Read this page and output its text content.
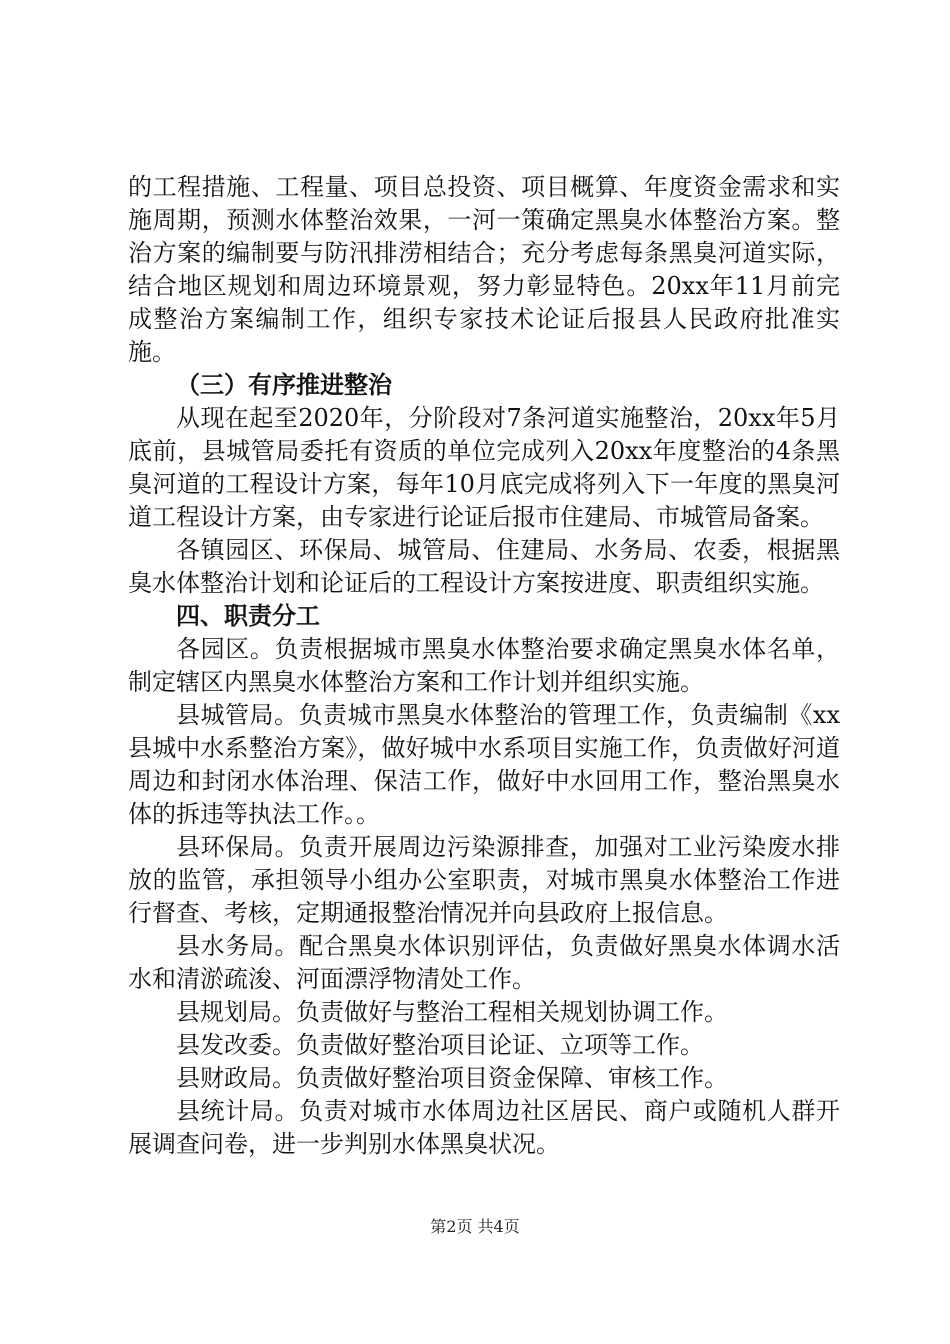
的工程措施、工程量、项目总投资、项目概算、年度资金需求和实施周期，预测水体整治效果，一河一策确定黑臭水体整治方案。整治方案的编制要与防汛排涝相结合；充分考虑每条黑臭河道实际，结合地区规划和周边环境景观，努力彰显特色。20xx年11月前完成整治方案编制工作，组织专家技术论证后报县人民政府批准实施。

（三）有序推进整治

从现在起至2020年，分阶段对7条河道实施整治，20xx年5月底前，县城管局委托有资质的单位完成列入20xx年度整治的4条黑臭河道的工程设计方案，每年10月底完成将列入下一年度的黑臭河道工程设计方案，由专家进行论证后报市住建局、市城管局备案。

各镇园区、环保局、城管局、住建局、水务局、农委，根据黑臭水体整治计划和论证后的工程设计方案按进度、职责组织实施。

四、职责分工

各园区。负责根据城市黑臭水体整治要求确定黑臭水体名单，制定辖区内黑臭水体整治方案和工作计划并组织实施。

县城管局。负责城市黑臭水体整治的管理工作，负责编制《xx县城中水系整治方案》，做好城中水系项目实施工作，负责做好河道周边和封闭水体治理、保洁工作，做好中水回用工作，整治黑臭水体的拆违等执法工作。。

县环保局。负责开展周边污染源排查，加强对工业污染废水排放的监管，承担领导小组办公室职责，对城市黑臭水体整治工作进行督查、考核，定期通报整治情况并向县政府上报信息。

县水务局。配合黑臭水体识别评估，负责做好黑臭水体调水活水和清淤疏浚、河面漂浮物清处工作。

县规划局。负责做好与整治工程相关规划协调工作。

县发改委。负责做好整治项目论证、立项等工作。

县财政局。负责做好整治项目资金保障、审核工作。

县统计局。负责对城市水体周边社区居民、商户或随机人群开展调查问卷，进一步判别水体黑臭状况。

第2页 共4页
